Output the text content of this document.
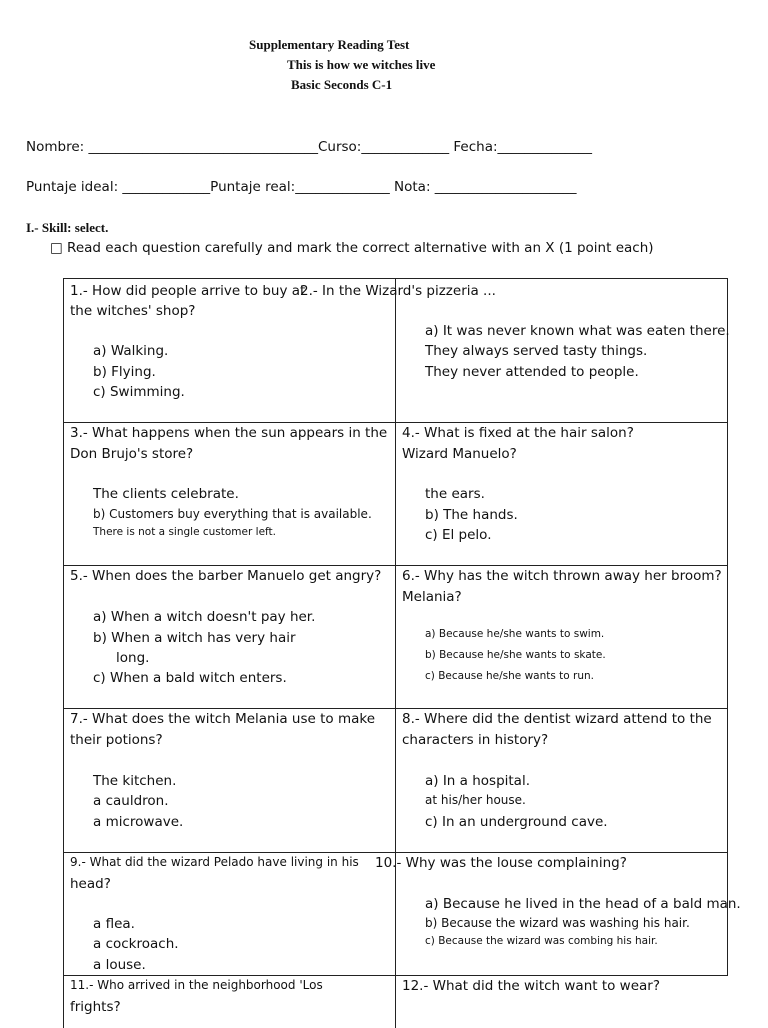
Supplementary Reading Test
This is how we witches live
Basic Seconds C-1
Nombre: __________________________________Curso:_____________ Fecha:______________
Puntaje ideal: _____________Puntaje real:______________ Nota: _____________________
I.- Skill: select.
□ Read each question carefully and mark the correct alternative with an X (1 point each)
1.- How did people arrive to buy at
the witches' shop?
a) Walking.
b) Flying.
c) Swimming.
2.- In the Wizard's pizzeria ...
a) It was never known what was eaten there.
They always served tasty things.
They never attended to people.
3.- What happens when the sun appears in the
Don Brujo's store?
The clients celebrate.
b) Customers buy everything that is available.
There is not a single customer left.
4.- What is fixed at the hair salon?
Wizard Manuelo?
the ears.
b) The hands.
c) El pelo.
5.- When does the barber Manuelo get angry?
a) When a witch doesn't pay her.
b) When a witch has very hair
long.
c) When a bald witch enters.
6.- Why has the witch thrown away her broom?
Melania?
a) Because he/she wants to swim.
b) Because he/she wants to skate.
c) Because he/she wants to run.
7.- What does the witch Melania use to make
their potions?
The kitchen.
a cauldron.
a microwave.
8.- Where did the dentist wizard attend to the
characters in history?
a) In a hospital.
at his/her house.
c) In an underground cave.
9.- What did the wizard Pelado have living in his
head?
a flea.
a cockroach.
a louse.
10.- Why was the louse complaining?
a) Because he lived in the head of a bald man.
b) Because the wizard was washing his hair.
c) Because the wizard was combing his hair.
11.- Who arrived in the neighborhood 'Los
frights?
12.- What did the witch want to wear?
